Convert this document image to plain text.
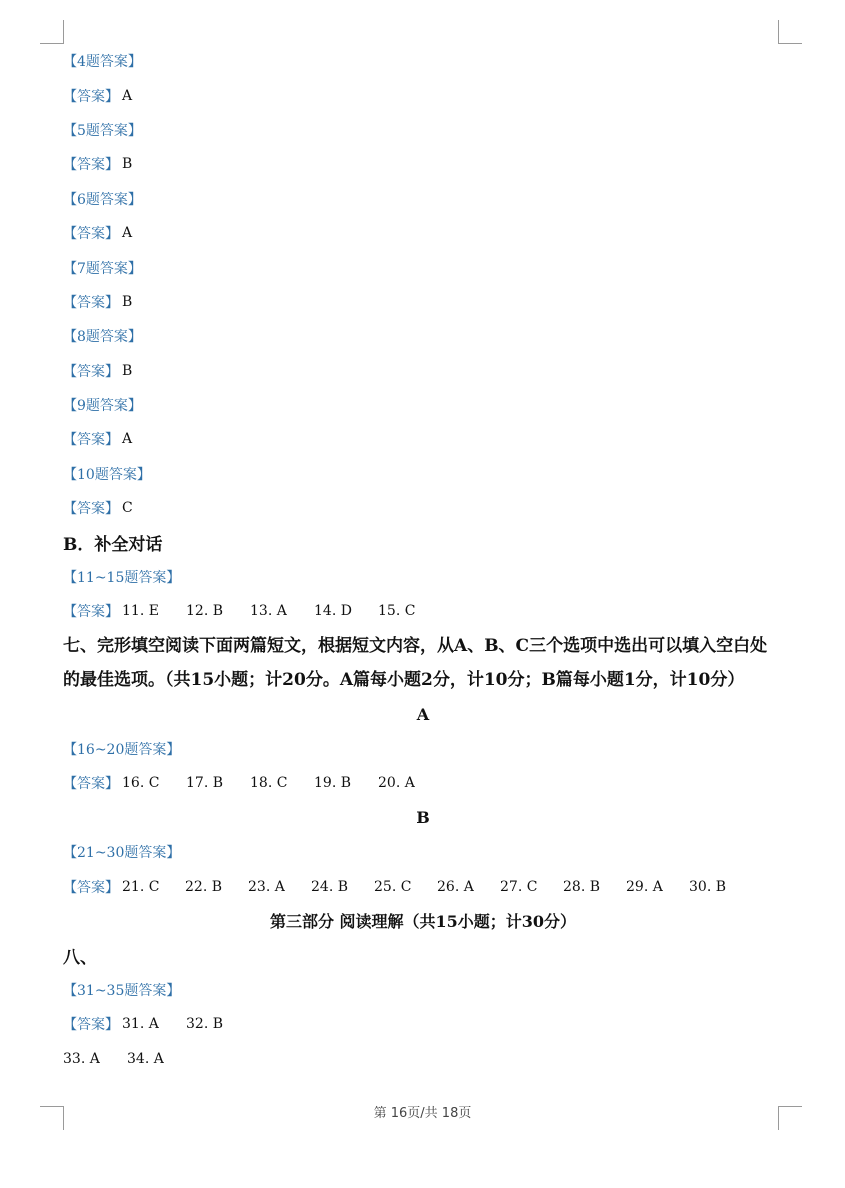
【4题答案】
【答案】 A
【5题答案】
【答案】 B
【6题答案】
【答案】 A
【7题答案】
【答案】 B
【8题答案】
【答案】 B
【9题答案】
【答案】 A
【10题答案】
【答案】 C
B．补全对话
【11~15题答案】
【答案】 11. E 12. B 13. A 14. D 15. C
七、完形填空阅读下面两篇短文，根据短文内容，从A、B、C三个选项中选出可以填入空白处的最佳选项。（共15小题；计20分。A篇每小题2分，计10分；B篇每小题1分，计10分）
A
【16~20题答案】
【答案】 16. C 17. B 18. C 19. B 20. A
B
【21~30题答案】
【答案】 21. C 22. B 23. A 24. B 25. C 26. A 27. C 28. B 29. A 30. B
第三部分 阅读理解（共15小题；计30分）
八、
【31~35题答案】
【答案】 31. A 32. B
33. A	34. A
第 16页/共 18页
